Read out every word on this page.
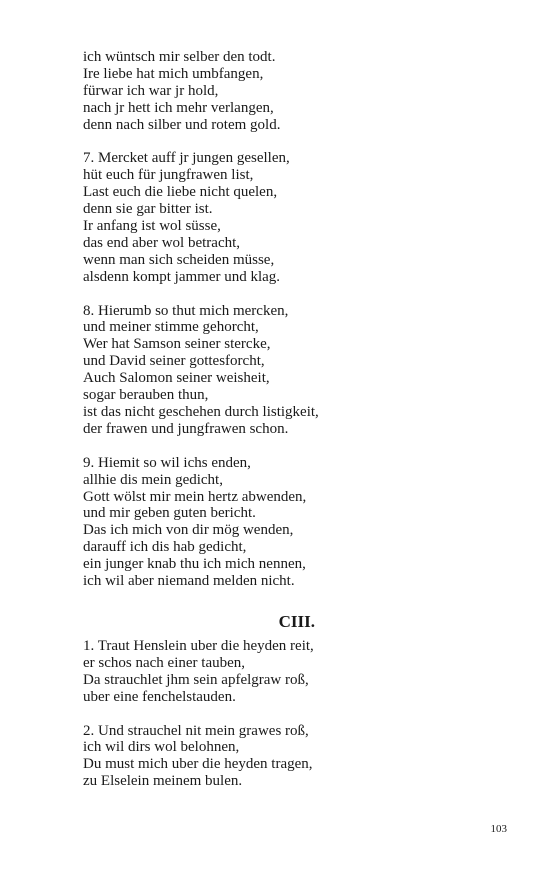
ich wüntsch mir selber den todt.
Ire liebe hat mich umbfangen,
fürwar ich war jr hold,
nach jr hett ich mehr verlangen,
denn nach silber und rotem gold.
7. Mercket auff jr jungen gesellen,
hüt euch für jungfrawen list,
Last euch die liebe nicht quelen,
denn sie gar bitter ist.
Ir anfang ist wol süsse,
das end aber wol betracht,
wenn man sich scheiden müsse,
alsdenn kompt jammer und klag.
8. Hierumb so thut mich mercken,
und meiner stimme gehorcht,
Wer hat Samson seiner stercke,
und David seiner gottesforcht,
Auch Salomon seiner weisheit,
sogar berauben thun,
ist das nicht geschehen durch listigkeit,
der frawen und jungfrawen schon.
9. Hiemit so wil ichs enden,
allhie dis mein gedicht,
Gott wölst mir mein hertz abwenden,
und mir geben guten bericht.
Das ich mich von dir mög wenden,
darauff ich dis hab gedicht,
ein junger knab thu ich mich nennen,
ich wil aber niemand melden nicht.
CIII.
1. Traut Henslein uber die heyden reit,
er schos nach einer tauben,
Da strauchlet jhm sein apfelgraw roß,
uber eine fenchelstauden.
2. Und strauchel nit mein grawes roß,
ich wil dirs wol belohnen,
Du must mich uber die heyden tragen,
zu Elselein meinem bulen.
103
